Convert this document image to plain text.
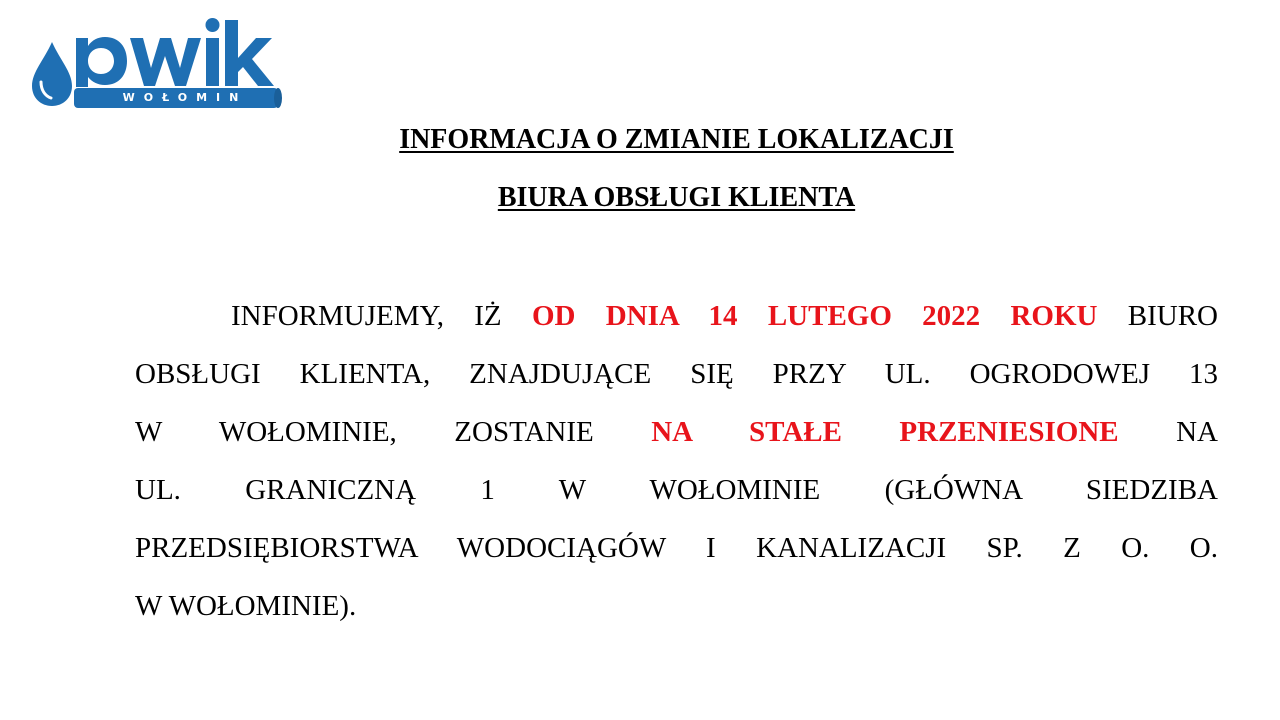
WOŁOMIN
INFORMACJA O ZMIANIE LOKALIZACJI
BIURA OBSŁUGI KLIENTA
INFORMUJEMY, IŻ OD DNIA 14 LUTEGO 2022 ROKU BIURO
OBSŁUGI KLIENTA, ZNAJDUJĄCE SIĘ PRZY UL. OGRODOWEJ 13
W WOŁOMINIE, ZOSTANIE NA STAŁE PRZENIESIONE NA
UL. GRANICZNĄ 1 W WOŁOMINIE (GŁÓWNA SIEDZIBA
PRZEDSIĘBIORSTWA WODOCIĄGÓW I KANALIZACJI SP. Z O. O.
W WOŁOMINIE).
